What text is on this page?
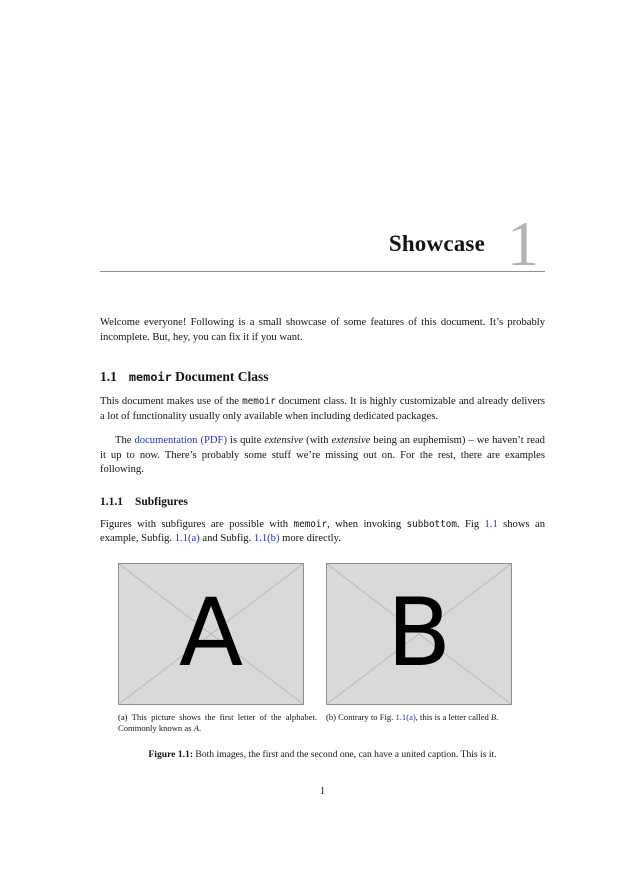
Showcase 1

Welcome everyone! Following is a small showcase of some features of this document. It’s probably incomplete. But, hey, you can fix it if you want.

1.1 memoir Document Class

This document makes use of the memoir document class. It is highly customizable and already delivers a lot of functionality usually only available when including dedicated packages.

The documentation (PDF) is quite extensive (with extensive being an euphemism) – we haven’t read it up to now. There’s probably some stuff we’re missing out on. For the rest, there are examples following.

1.1.1 Subfigures

Figures with subfigures are possible with memoir, when invoking subbottom. Fig 1.1 shows an example, Subfig. 1.1(a) and Subfig. 1.1(b) more directly.

A
(a) This picture shows the first letter of the alphabet. Commonly known as A.
B
(b) Contrary to Fig. 1.1(a), this is a letter called B.
Figure 1.1: Both images, the first and the second one, can have a united caption. This is it.
1
